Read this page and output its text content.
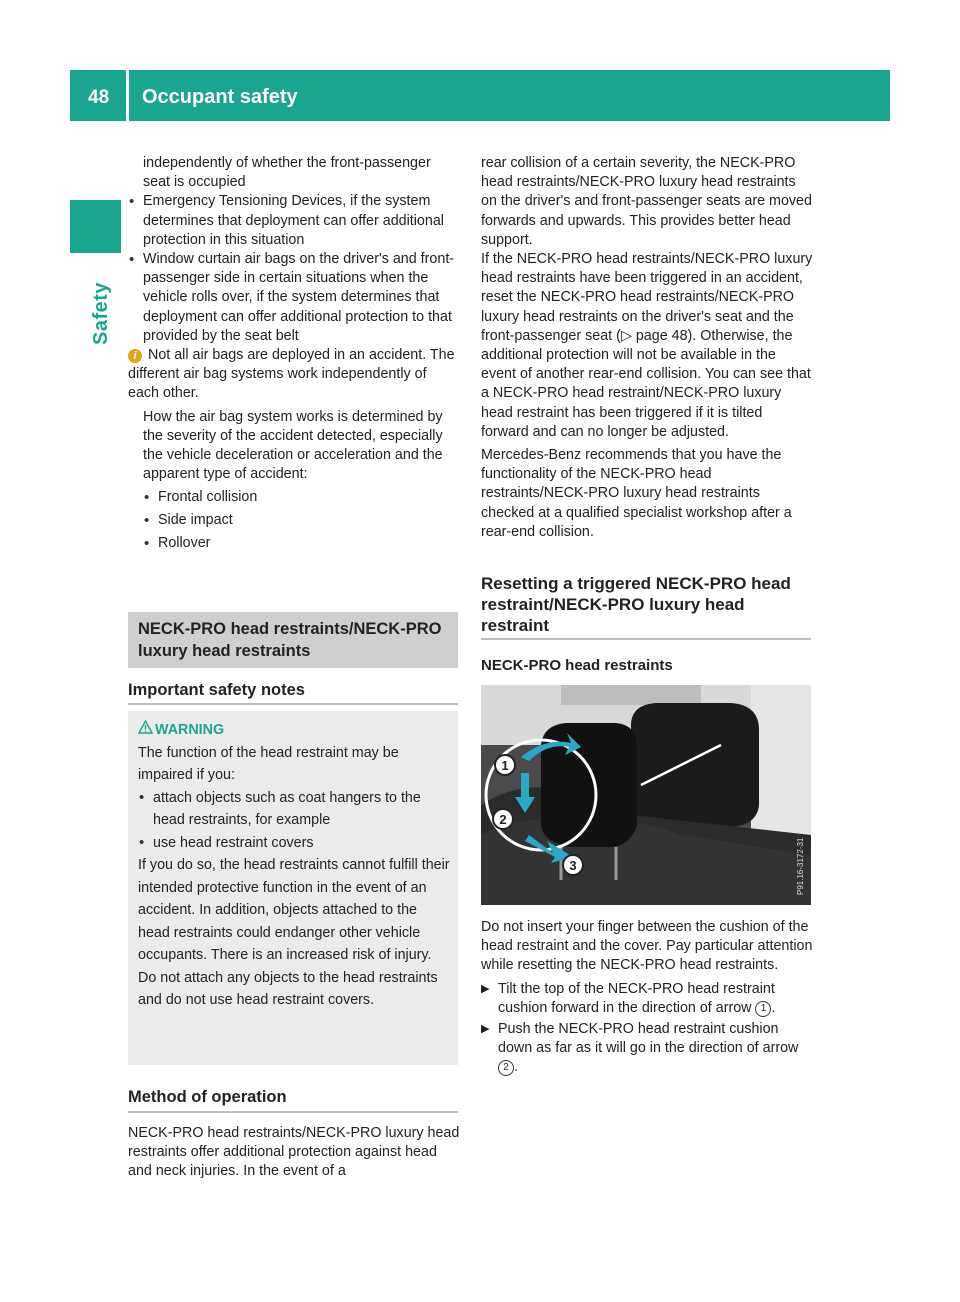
48 Occupant safety
Safety

independently of whether the front-passenger seat is occupied

• Emergency Tensioning Devices, if the system determines that deployment can offer additional protection in this situation

• Window curtain air bags on the driver's and front-passenger side in certain situations when the vehicle rolls over, if the system determines that deployment can offer additional protection to that provided by the seat belt

i Not all air bags are deployed in an accident. The different air bag systems work independently of each other.

How the air bag system works is determined by the severity of the accident detected, especially the vehicle deceleration or acceleration and the apparent type of accident:

• Frontal collision

• Side impact

• Rollover

NECK-PRO head restraints/NECK-PRO luxury head restraints
Important safety notes
WARNING

The function of the head restraint may be impaired if you:

• attach objects such as coat hangers to the head restraints, for example

• use head restraint covers

If you do so, the head restraints cannot fulfill their intended protective function in the event of an accident. In addition, objects attached to the head restraints could endanger other vehicle occupants. There is an increased risk of injury.

Do not attach any objects to the head restraints and do not use head restraint covers.

Method of operation

NECK-PRO head restraints/NECK-PRO luxury head restraints offer additional protection against head and neck injuries. In the event of a

rear collision of a certain severity, the NECK-PRO head restraints/NECK-PRO luxury head restraints on the driver's and front-passenger seats are moved forwards and upwards. This provides better head support.

If the NECK-PRO head restraints/NECK-PRO luxury head restraints have been triggered in an accident, reset the NECK-PRO head restraints/NECK-PRO luxury head restraints on the driver's seat and the front-passenger seat (▷ page 48). Otherwise, the additional protection will not be available in the event of another rear-end collision. You can see that a NECK-PRO head restraint/NECK-PRO luxury head restraint has been triggered if it is tilted forward and can no longer be adjusted.

Mercedes-Benz recommends that you have the functionality of the NECK-PRO head restraints/NECK-PRO luxury head restraints checked at a qualified specialist workshop after a rear-end collision.

Resetting a triggered NECK-PRO head restraint/NECK-PRO luxury head restraint
NECK-PRO head restraints
1
2
3	P91.16-3172-31

Do not insert your finger between the cushion of the head restraint and the cover. Pay particular attention while resetting the NECK-PRO head restraints.

▶ Tilt the top of the NECK-PRO head restraint cushion forward in the direction of arrow 1 .

▶ Push the NECK-PRO head restraint cushion down as far as it will go in the direction of arrow 2 .
